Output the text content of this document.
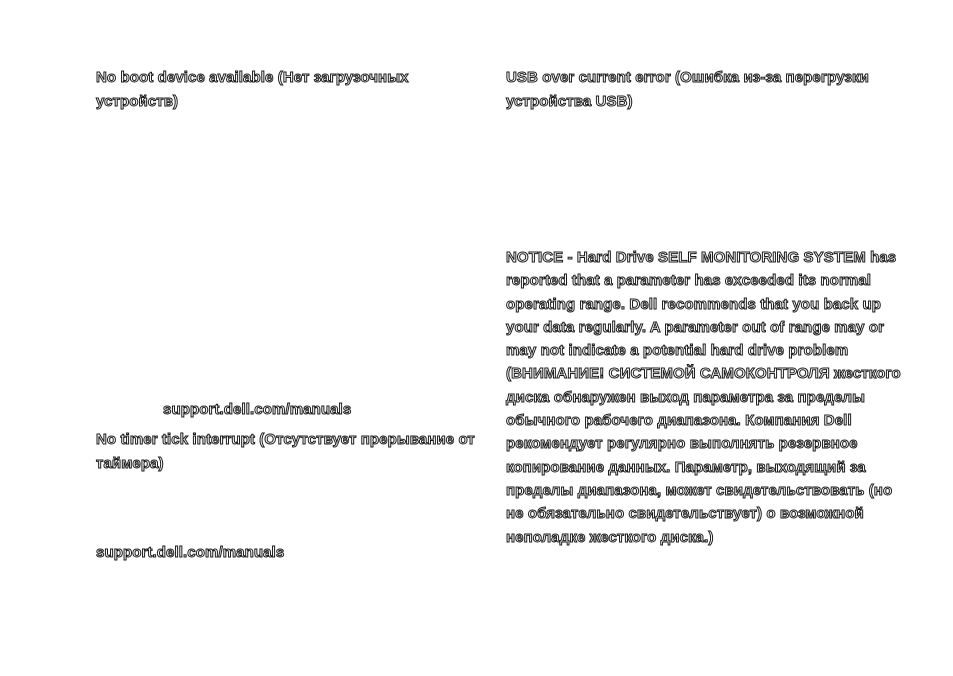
No boot device available (Нет загрузочных устройств)

support.dell.com/manuals

No timer tick interrupt (Отсутствует прерывание от таймера)

support.dell.com/manuals

USB over current error (Ошибка из-за перегрузки устройства USB)

NOTICE - Hard Drive SELF MONITORING SYSTEM has reported that a parameter has exceeded its normal operating range. Dell recommends that you back up your data regularly. A parameter out of range may or may not indicate a potential hard drive problem (ВНИМАНИЕ! СИСТЕМОЙ САМОКОНТРОЛЯ жесткого диска обнаружен выход параметра за пределы обычного рабочего диапазона. Компания Dell рекомендует регулярно выполнять резервное копирование данных. Параметр, выходящий за пределы диапазона, может свидетельствовать (но не обязательно свидетельствует) о возможной неполадке жесткого диска.)
